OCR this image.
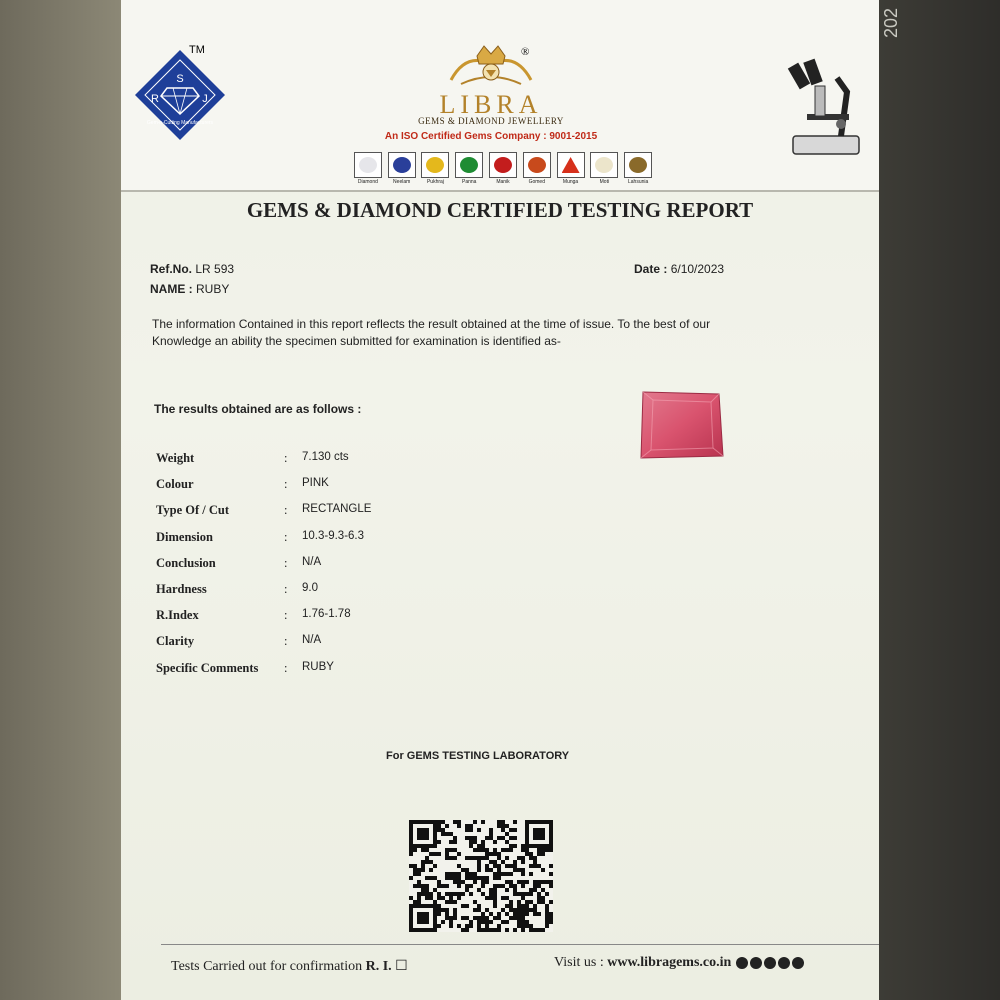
202
S
R	J
Gem-n-Cutting Manufacturers
TM	®
LIBRA
GEMS & DIAMOND JEWELLERY
An ISO Certified Gems Company : 9001-2015
Diamond	Neelam	Pukhraj	Panna	Manik	Gomed	Munga	Moti	Lahsunia
GEMS & DIAMOND CERTIFIED TESTING REPORT
Ref.No. LR 593
NAME : RUBY
Date : 6/10/2023
The information Contained in this report reflects the result obtained at the time of issue. To the best of our Knowledge an ability the specimen submitted for examination is identified as-
The results obtained are as follows :
Weight	: 7.130 cts
Colour	: PINK
Type Of / Cut	: RECTANGLE
Dimension	: 10.3-9.3-6.3
Conclusion	: N/A
Hardness	: 9.0
R.Index	: 1.76-1.78
Clarity	: N/A
Specific Comments : RUBY
For GEMS TESTING LABORATORY
Tests Carried out for confirmation R. I. ☐	Visit us : www.libragems.co.in
